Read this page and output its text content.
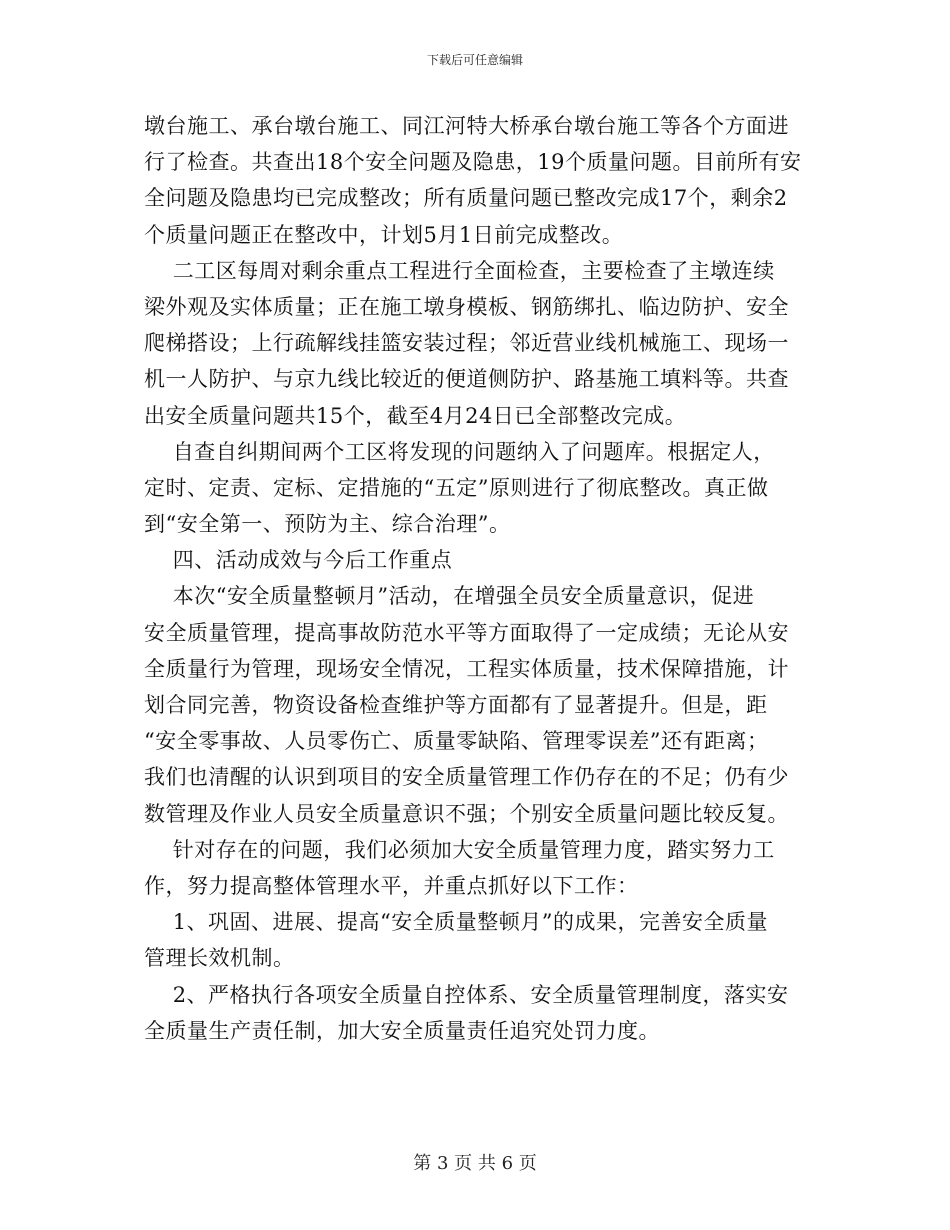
下载后可任意编辑
墩台施工、承台墩台施工、同江河特大桥承台墩台施工等各个方面进
行了检查。共查出18个安全问题及隐患，19个质量问题。目前所有安
全问题及隐患均已完成整改；所有质量问题已整改完成17个，剩余2
个质量问题正在整改中，计划5月1日前完成整改。
二工区每周对剩余重点工程进行全面检查，主要检查了主墩连续
梁外观及实体质量；正在施工墩身模板、钢筋绑扎、临边防护、安全
爬梯搭设；上行疏解线挂篮安装过程；邻近营业线机械施工、现场一
机一人防护、与京九线比较近的便道侧防护、路基施工填料等。共查
出安全质量问题共15个，截至4月24日已全部整改完成。
自查自纠期间两个工区将发现的问题纳入了问题库。根据定人，
定时、定责、定标、定措施的“五定”原则进行了彻底整改。真正做
到“安全第一、预防为主、综合治理”。
四、活动成效与今后工作重点
本次“安全质量整顿月”活动，在增强全员安全质量意识，促进
安全质量管理，提高事故防范水平等方面取得了一定成绩；无论从安
全质量行为管理，现场安全情况，工程实体质量，技术保障措施，计
划合同完善，物资设备检查维护等方面都有了显著提升。但是，距
“安全零事故、人员零伤亡、质量零缺陷、管理零误差”还有距离；
我们也清醒的认识到项目的安全质量管理工作仍存在的不足；仍有少
数管理及作业人员安全质量意识不强；个别安全质量问题比较反复。
针对存在的问题，我们必须加大安全质量管理力度，踏实努力工
作，努力提高整体管理水平，并重点抓好以下工作：
1、巩固、进展、提高“安全质量整顿月”的成果，完善安全质量
管理长效机制。
2、严格执行各项安全质量自控体系、安全质量管理制度，落实安
全质量生产责任制，加大安全质量责任追究处罚力度。
第 3 页 共 6 页
